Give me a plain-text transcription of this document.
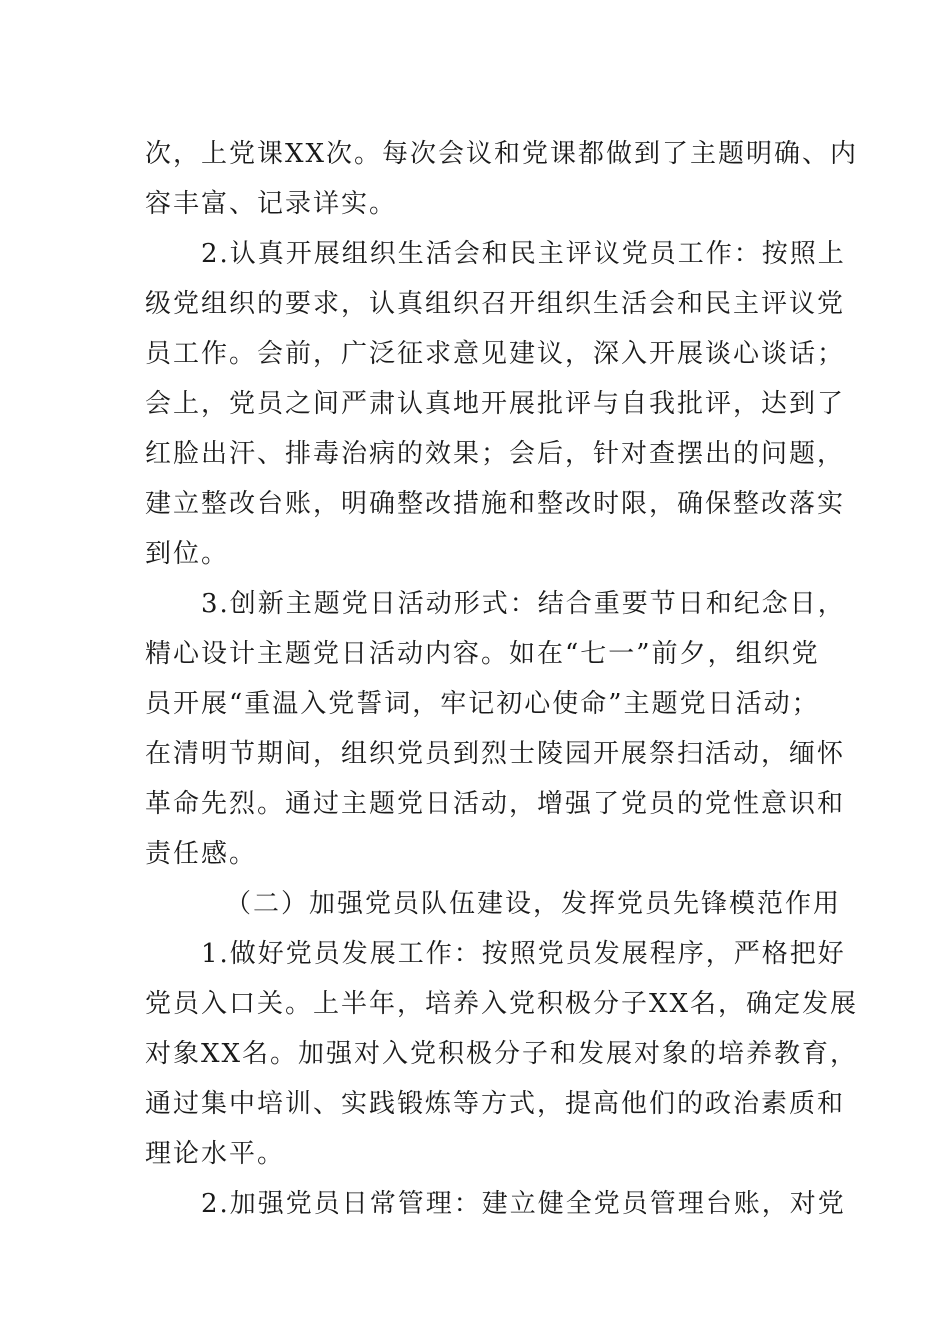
次，上党课XX次。每次会议和党课都做到了主题明确、内

容丰富、记录详实。

2.认真开展组织生活会和民主评议党员工作：按照上

级党组织的要求，认真组织召开组织生活会和民主评议党

员工作。会前，广泛征求意见建议，深入开展谈心谈话；

会上，党员之间严肃认真地开展批评与自我批评，达到了

红脸出汗、排毒治病的效果；会后，针对查摆出的问题，

建立整改台账，明确整改措施和整改时限，确保整改落实

到位。

3.创新主题党日活动形式：结合重要节日和纪念日，

精心设计主题党日活动内容。如在“七一”前夕，组织党

员开展“重温入党誓词，牢记初心使命”主题党日活动；

在清明节期间，组织党员到烈士陵园开展祭扫活动，缅怀

革命先烈。通过主题党日活动，增强了党员的党性意识和

责任感。

（二）加强党员队伍建设，发挥党员先锋模范作用

1.做好党员发展工作：按照党员发展程序，严格把好

党员入口关。上半年，培养入党积极分子XX名，确定发展

对象XX名。加强对入党积极分子和发展对象的培养教育，

通过集中培训、实践锻炼等方式，提高他们的政治素质和

理论水平。

2.加强党员日常管理：建立健全党员管理台账，对党
